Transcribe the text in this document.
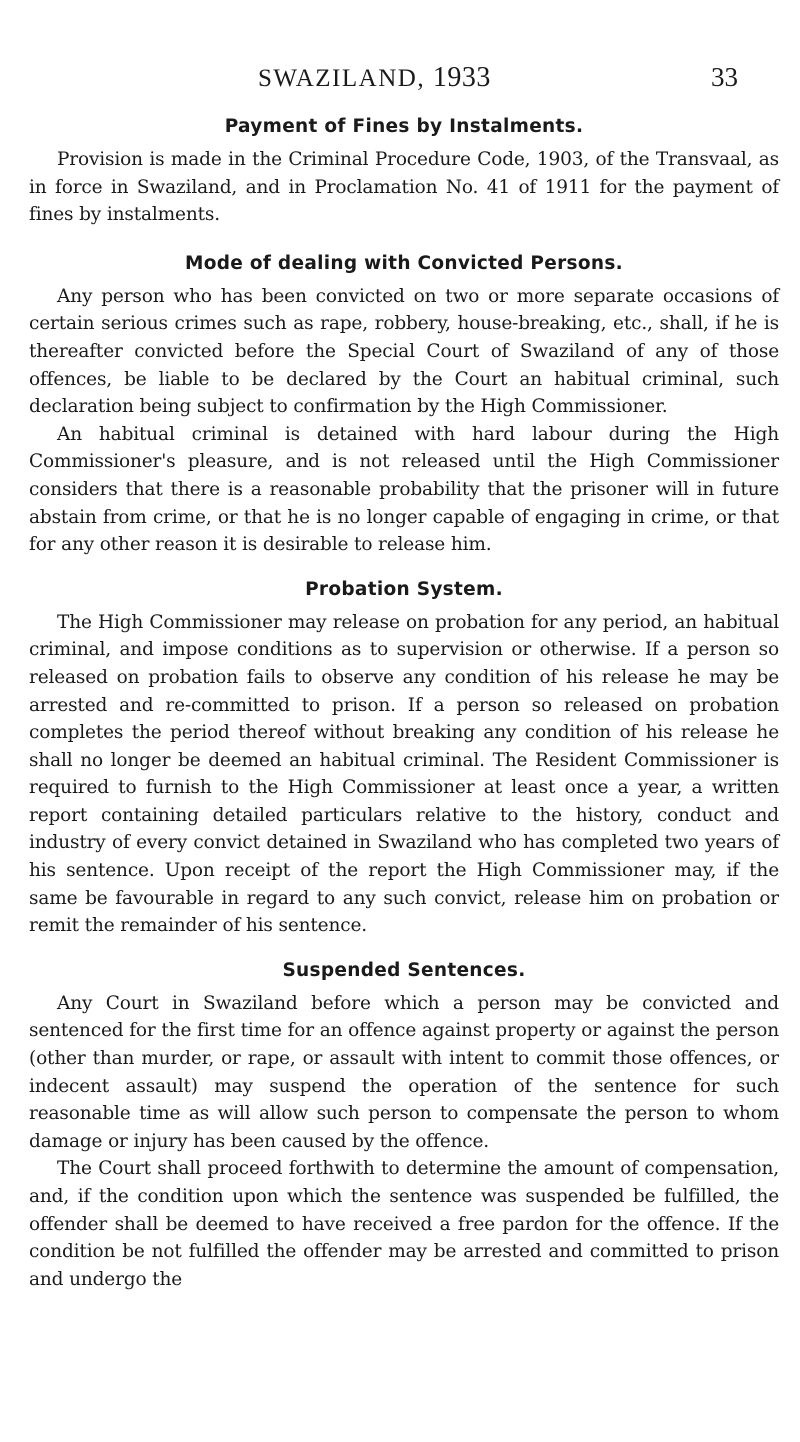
SWAZILAND, 1933	33
Payment of Fines by Instalments.

Provision is made in the Criminal Procedure Code, 1903, of the Transvaal, as in force in Swaziland, and in Proclamation No. 41 of 1911 for the payment of fines by instalments.

Mode of dealing with Convicted Persons.

Any person who has been convicted on two or more separate occasions of certain serious crimes such as rape, robbery, house-breaking, etc., shall, if he is thereafter convicted before the Special Court of Swaziland of any of those offences, be liable to be declared by the Court an habitual criminal, such declaration being subject to confirmation by the High Commissioner.

An habitual criminal is detained with hard labour during the High Commissioner's pleasure, and is not released until the High Commissioner considers that there is a reasonable probability that the prisoner will in future abstain from crime, or that he is no longer capable of engaging in crime, or that for any other reason it is desirable to release him.

Probation System.

The High Commissioner may release on probation for any period, an habitual criminal, and impose conditions as to supervision or otherwise. If a person so released on probation fails to observe any condition of his release he may be arrested and re-committed to prison. If a person so released on probation completes the period thereof without breaking any condition of his release he shall no longer be deemed an habitual criminal. The Resident Commissioner is required to furnish to the High Commissioner at least once a year, a written report containing detailed particulars relative to the history, conduct and industry of every convict detained in Swaziland who has completed two years of his sentence. Upon receipt of the report the High Commissioner may, if the same be favourable in regard to any such convict, release him on probation or remit the remainder of his sentence.

Suspended Sentences.

Any Court in Swaziland before which a person may be convicted and sentenced for the first time for an offence against property or against the person (other than murder, or rape, or assault with intent to commit those offences, or indecent assault) may suspend the operation of the sentence for such reasonable time as will allow such person to compensate the person to whom damage or injury has been caused by the offence.

The Court shall proceed forthwith to determine the amount of compensation, and, if the condition upon which the sentence was suspended be fulfilled, the offender shall be deemed to have received a free pardon for the offence. If the condition be not fulfilled the offender may be arrested and committed to prison and undergo the
